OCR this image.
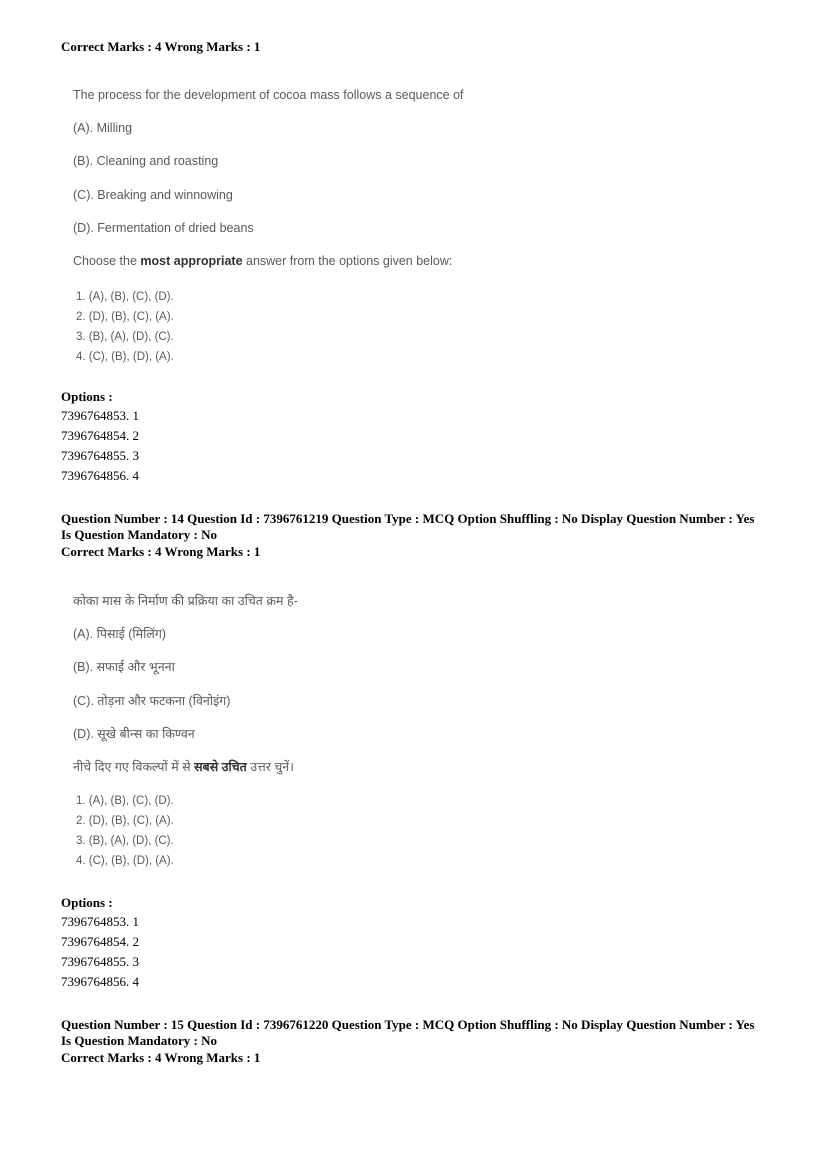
Correct Marks : 4 Wrong Marks : 1
The process for the development of cocoa mass follows a sequence of
(A). Milling
(B). Cleaning and roasting
(C). Breaking and winnowing
(D). Fermentation of dried beans
Choose the most appropriate answer from the options given below:
1. (A), (B), (C), (D).
2. (D), (B), (C), (A).
3. (B), (A), (D), (C).
4. (C), (B), (D), (A).
Options :
7396764853. 1
7396764854. 2
7396764855. 3
7396764856. 4
Question Number : 14 Question Id : 7396761219 Question Type : MCQ Option Shuffling : No Display Question Number : Yes
Is Question Mandatory : No
Correct Marks : 4 Wrong Marks : 1
कोका मास के निर्माण की प्रक्रिया का उचित क्रम है-
(A). पिसाई (मिलिंग)
(B). सफाई और भूनना
(C). तोड़ना और फटकना (विनोइंग)
(D). सूखे बीन्स का किण्वन
नीचे दिए गए विकल्पों में से सबसे उचित उत्तर चुनें।
1. (A), (B), (C), (D).
2. (D), (B), (C), (A).
3. (B), (A), (D), (C).
4. (C), (B), (D), (A).
Options :
7396764853. 1
7396764854. 2
7396764855. 3
7396764856. 4
Question Number : 15 Question Id : 7396761220 Question Type : MCQ Option Shuffling : No Display Question Number : Yes
Is Question Mandatory : No
Correct Marks : 4 Wrong Marks : 1
